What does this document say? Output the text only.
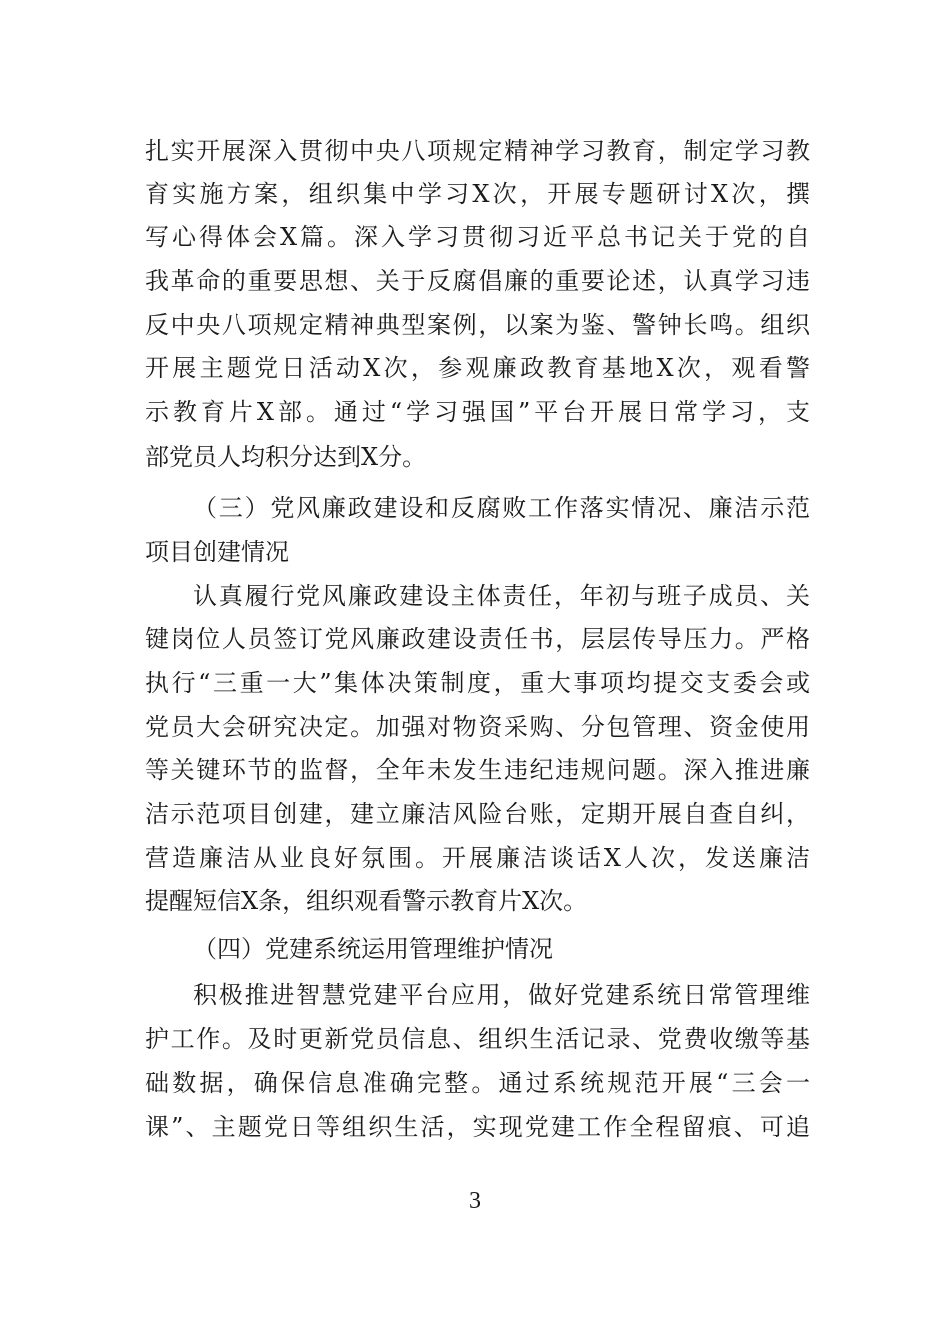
扎实开展深入贯彻中央八项规定精神学习教育，制定学习教
育实施方案，组织集中学习X次，开展专题研讨X次，撰
写心得体会X篇。深入学习贯彻习近平总书记关于党的自
我革命的重要思想、关于反腐倡廉的重要论述，认真学习违
反中央八项规定精神典型案例，以案为鉴、警钟长鸣。组织
开展主题党日活动X次，参观廉政教育基地X次，观看警
示教育片X部。通过“学习强国”平台开展日常学习，支
部党员人均积分达到X分。
（三）党风廉政建设和反腐败工作落实情况、廉洁示范
项目创建情况
认真履行党风廉政建设主体责任，年初与班子成员、关
键岗位人员签订党风廉政建设责任书，层层传导压力。严格
执行“三重一大”集体决策制度，重大事项均提交支委会或
党员大会研究决定。加强对物资采购、分包管理、资金使用
等关键环节的监督，全年未发生违纪违规问题。深入推进廉
洁示范项目创建，建立廉洁风险台账，定期开展自查自纠，
营造廉洁从业良好氛围。开展廉洁谈话X人次，发送廉洁
提醒短信X条，组织观看警示教育片X次。
（四）党建系统运用管理维护情况
积极推进智慧党建平台应用，做好党建系统日常管理维
护工作。及时更新党员信息、组织生活记录、党费收缴等基
础数据，确保信息准确完整。通过系统规范开展“三会一
课”、主题党日等组织生活，实现党建工作全程留痕、可追
3
